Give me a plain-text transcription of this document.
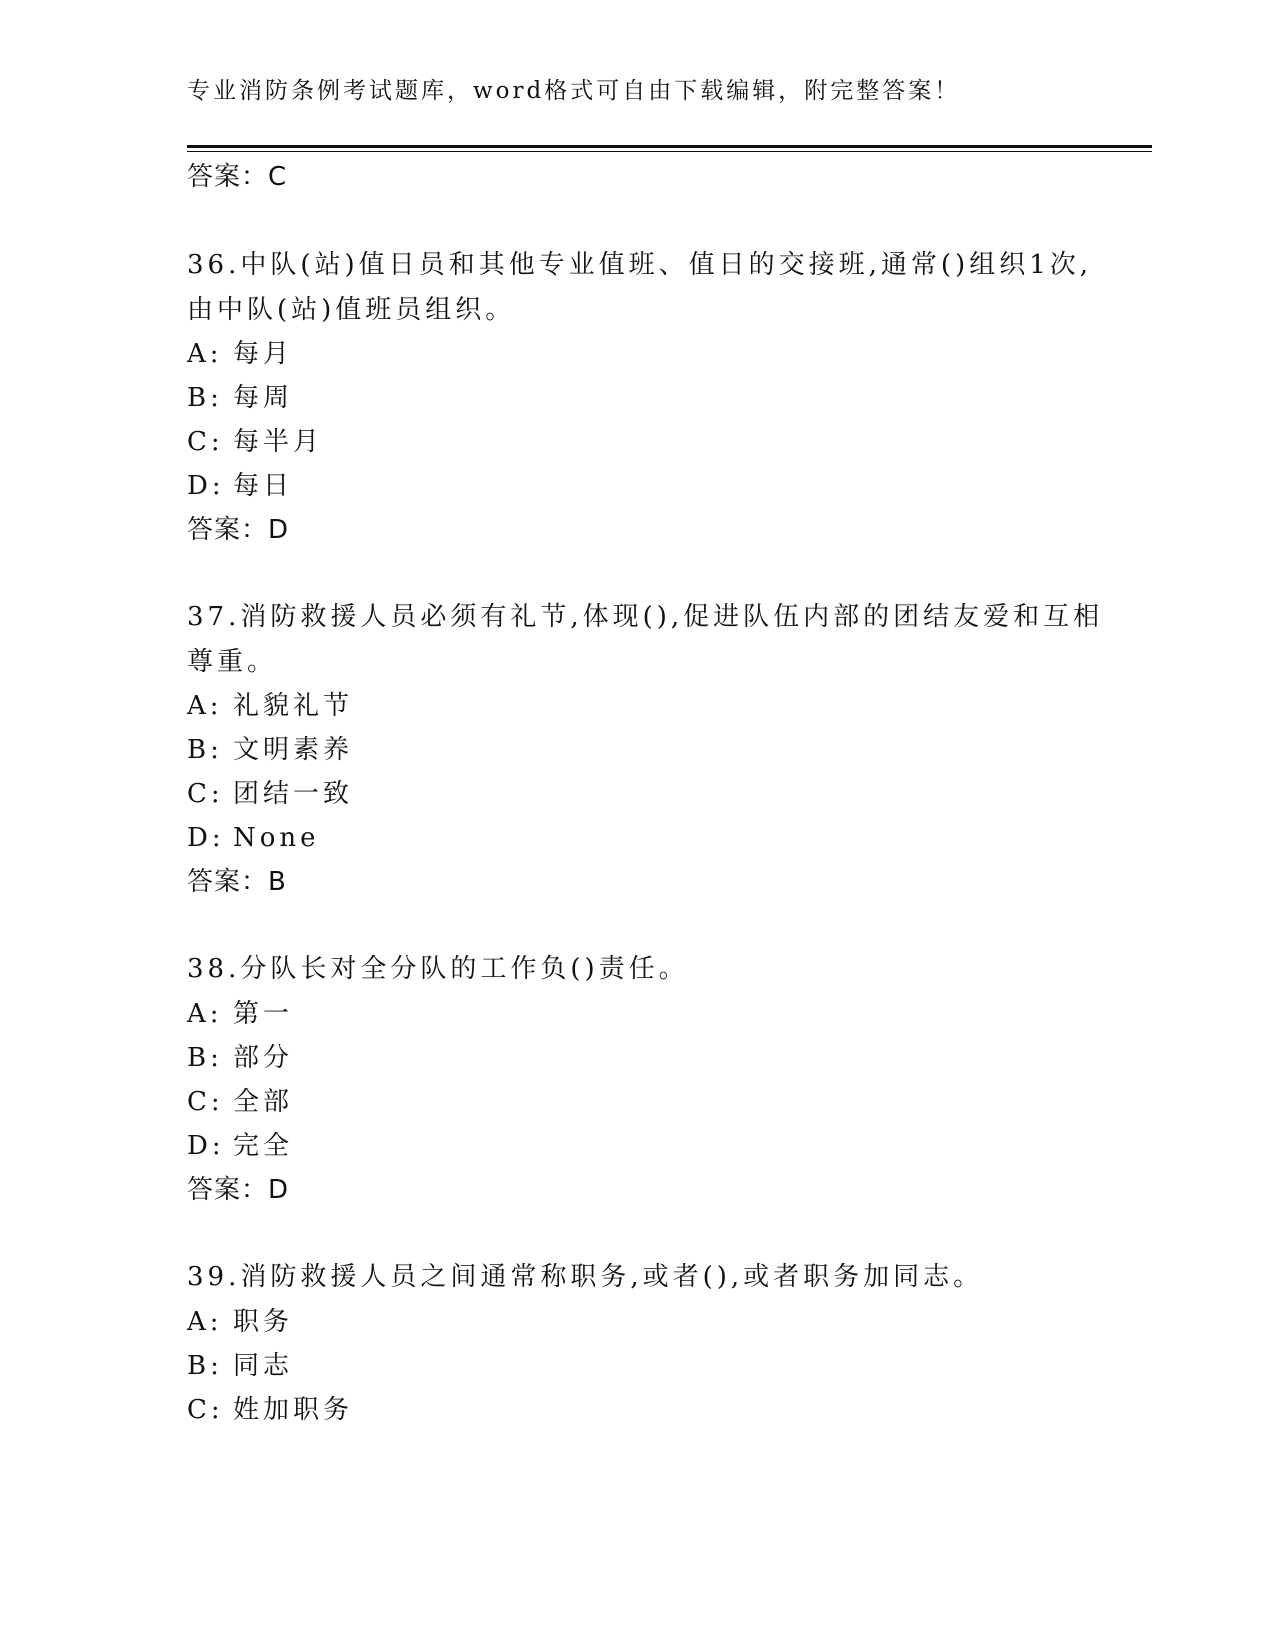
专业消防条例考试题库，word格式可自由下载编辑，附完整答案！
答案：C
36.中队(站)值日员和其他专业值班、值日的交接班,通常()组织1次,
由中队(站)值班员组织。
A: 每月
B: 每周
C: 每半月
D: 每日
答案：D
37.消防救援人员必须有礼节,体现(),促进队伍内部的团结友爱和互相
尊重。
A: 礼貌礼节
B: 文明素养
C: 团结一致
D: None
答案：B
38.分队长对全分队的工作负()责任。
A: 第一
B: 部分
C: 全部
D: 完全
答案：D
39.消防救援人员之间通常称职务,或者(),或者职务加同志。
A: 职务
B: 同志
C: 姓加职务
